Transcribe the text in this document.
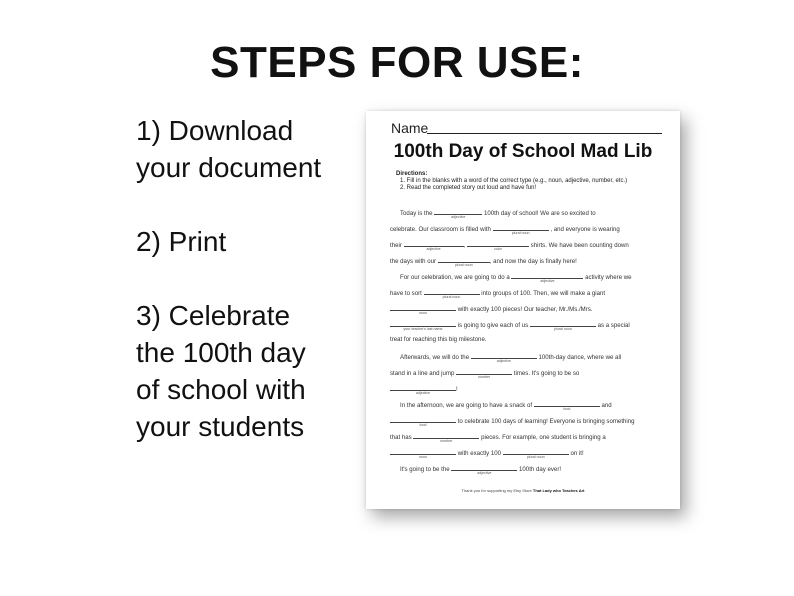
STEPS FOR USE:
1) Download
your document
2) Print
3) Celebrate
the 100th day
of school with
your students
Name
100th Day of School Mad Lib
Directions:
1. Fill in the blanks with a word of the correct type (e.g., noun, adjective, number, etc.)
2. Read the completed story out loud and have fun!
Today is the	adjective	100th day of school! We are so excited to
celebrate. Our classroom is filled with	plural noun	, and everyone is wearing
their	adjective	,	color	shirts. We have been counting down
the days with our	plural noun	, and now the day is finally here!
For our celebration, we are going to do a	adjective	activity where we
have to sort	plural noun	into groups of 100. Then, we will make a giant
noun	with exactly 100 pieces! Our teacher, Mr./Ms./Mrs.
your teacher's last name	is going to give each of us	plural noun	as a special
treat for reaching this big milestone.
Afterwards, we will do the	adjective	100th-day dance, where we all
stand in a line and jump	number	times. It's going to be so
adjective	!
In the afternoon, we are going to have a snack of	food	and
food	to celebrate 100 days of learning! Everyone is bringing something
that has	number	pieces. For example, one student is bringing a
noun	with exactly 100	plural noun	on it!
It's going to be the	adjective	100th day ever!
Thank you for supporting my Etsy Store That Lady who Teaches Art
